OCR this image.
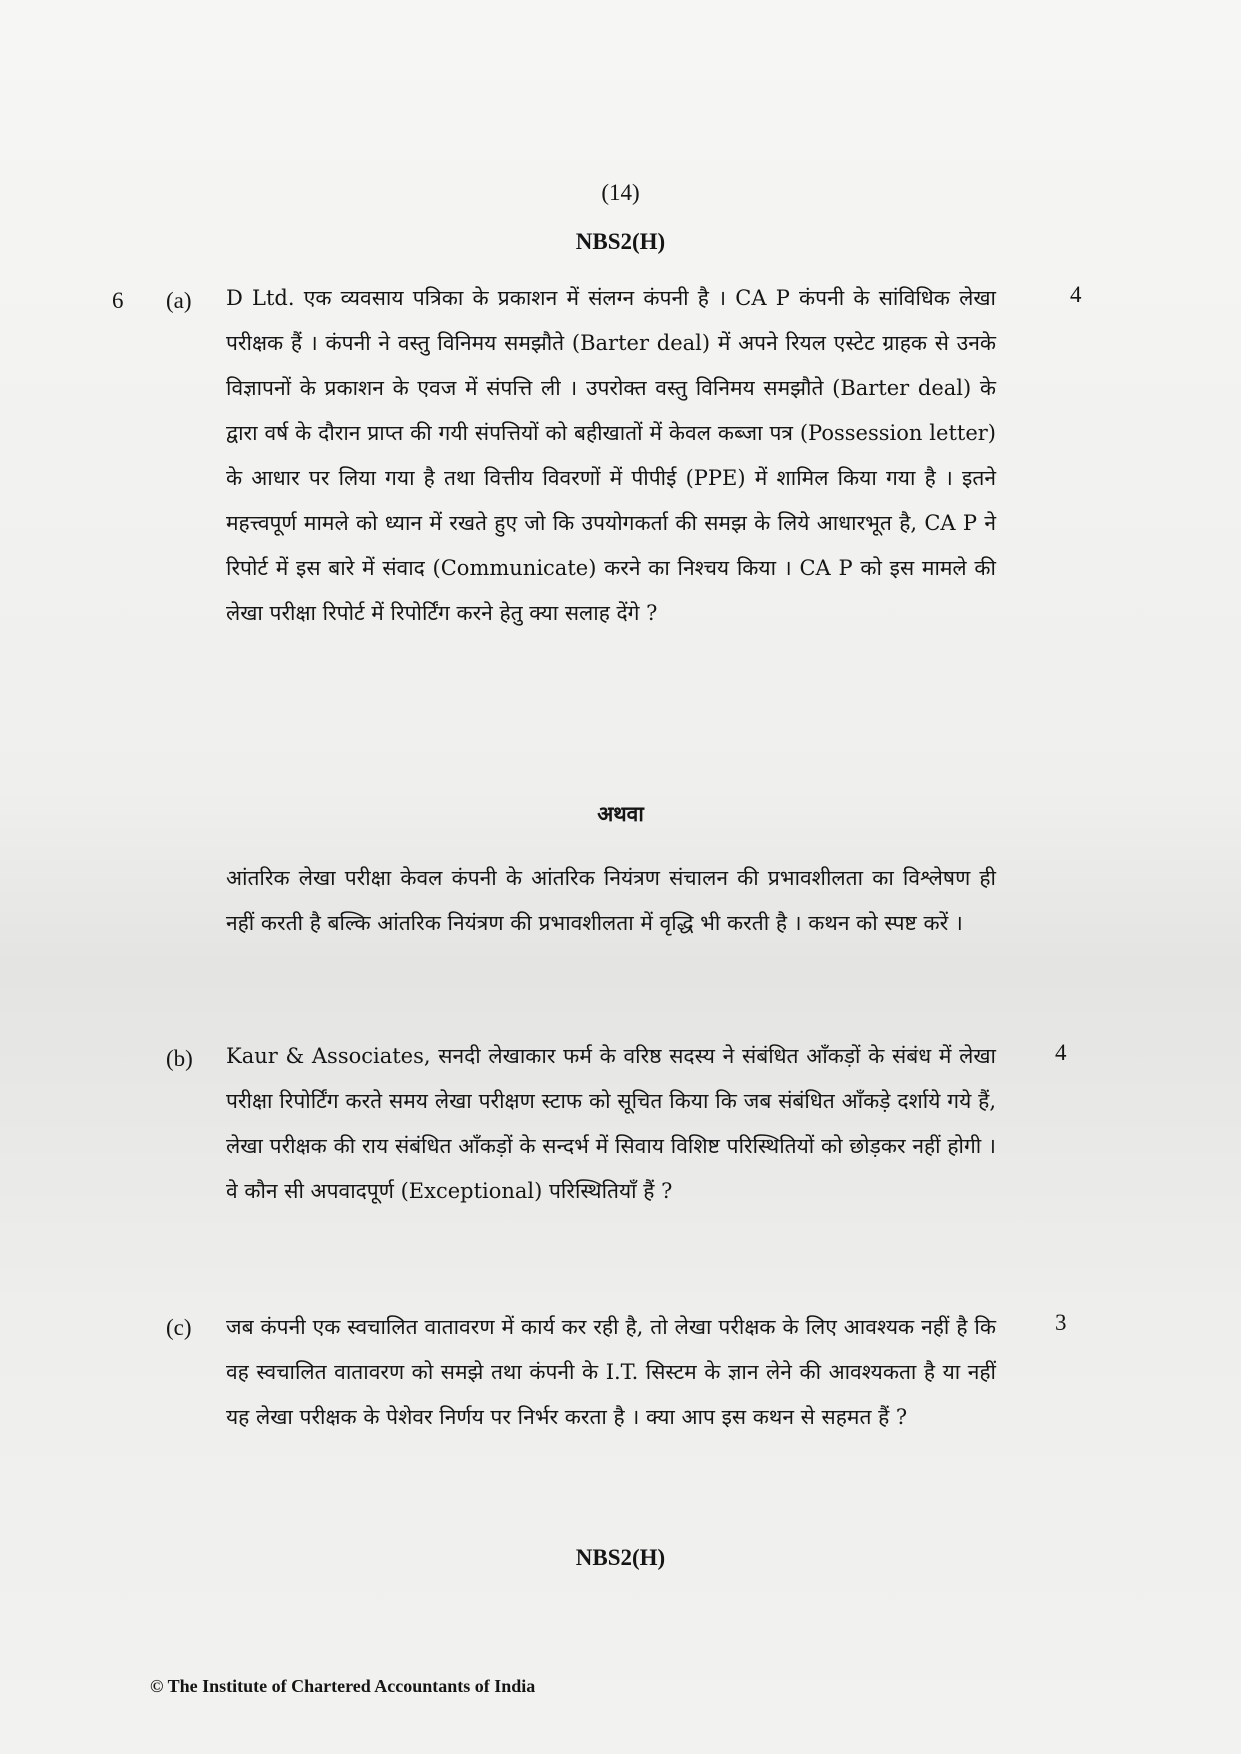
(14)
NBS2(H)
6 (a)	4
D Ltd. एक व्यवसाय पत्रिका के प्रकाशन में संलग्न कंपनी है । CA P कंपनी के सांविधिक लेखा परीक्षक हैं । कंपनी ने वस्तु विनिमय समझौते (Barter deal) में अपने रियल एस्टेट ग्राहक से उनके विज्ञापनों के प्रकाशन के एवज में संपत्ति ली । उपरोक्त वस्तु विनिमय समझौते (Barter deal) के द्वारा वर्ष के दौरान प्राप्त की गयी संपत्तियों को बहीखातों में केवल कब्जा पत्र (Possession letter) के आधार पर लिया गया है तथा वित्तीय विवरणों में पीपीई (PPE) में शामिल किया गया है । इतने महत्त्वपूर्ण मामले को ध्यान में रखते हुए जो कि उपयोगकर्ता की समझ के लिये आधारभूत है, CA P ने रिपोर्ट में इस बारे में संवाद (Communicate) करने का निश्चय किया । CA P को इस मामले की लेखा परीक्षा रिपोर्ट में रिपोर्टिंग करने हेतु क्या सलाह देंगे ?
अथवा
आंतरिक लेखा परीक्षा केवल कंपनी के आंतरिक नियंत्रण संचालन की प्रभावशीलता का विश्लेषण ही नहीं करती है बल्कि आंतरिक नियंत्रण की प्रभावशीलता में वृद्धि भी करती है । कथन को स्पष्ट करें ।
(b)	4
Kaur & Associates, सनदी लेखाकार फर्म के वरिष्ठ सदस्य ने संबंधित आँकड़ों के संबंध में लेखा परीक्षा रिपोर्टिंग करते समय लेखा परीक्षण स्टाफ को सूचित किया कि जब संबंधित आँकड़े दर्शाये गये हैं, लेखा परीक्षक की राय संबंधित आँकड़ों के सन्दर्भ में सिवाय विशिष्ट परिस्थितियों को छोड़कर नहीं होगी । वे कौन सी अपवादपूर्ण (Exceptional) परिस्थितियाँ हैं ?
(c)	3
जब कंपनी एक स्वचालित वातावरण में कार्य कर रही है, तो लेखा परीक्षक के लिए आवश्यक नहीं है कि वह स्वचालित वातावरण को समझे तथा कंपनी के I.T. सिस्टम के ज्ञान लेने की आवश्यकता है या नहीं यह लेखा परीक्षक के पेशेवर निर्णय पर निर्भर करता है । क्या आप इस कथन से सहमत हैं ?
NBS2(H)
© The Institute of Chartered Accountants of India
